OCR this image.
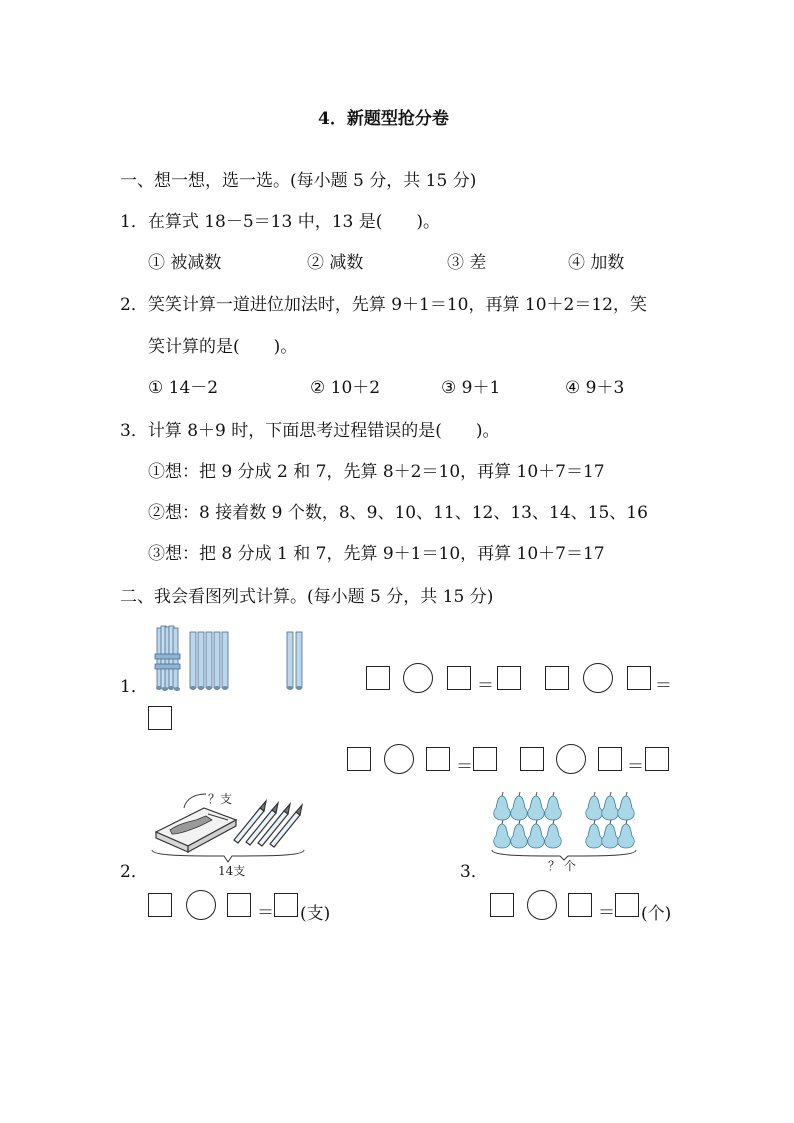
4．新题型抢分卷
一、想一想，选一选。(每小题 5 分，共 15 分)
1．在算式 18－5＝13 中，13 是(　　)。
① 被减数	② 减数	③ 差	④ 加数
2．笑笑计算一道进位加法时，先算 9＋1＝10，再算 10＋2＝12，笑
笑计算的是(　　)。
① 14－2	② 10＋2	③ 9＋1	④ 9＋3
3．计算 8＋9 时，下面思考过程错误的是(　　)。
①想：把 9 分成 2 和 7，先算 8＋2＝10，再算 10＋7＝17
②想：8 接着数 9 个数，8、9、10、11、12、13、14、15、16
③想：把 8 分成 1 和 7，先算 9＋1＝10，再算 10＋7＝17
二、我会看图列式计算。(每小题 5 分，共 15 分)
1．	＝	＝
＝	＝
？支
14支
2．
＝ (支)
？ 个
3．
＝ (个)
